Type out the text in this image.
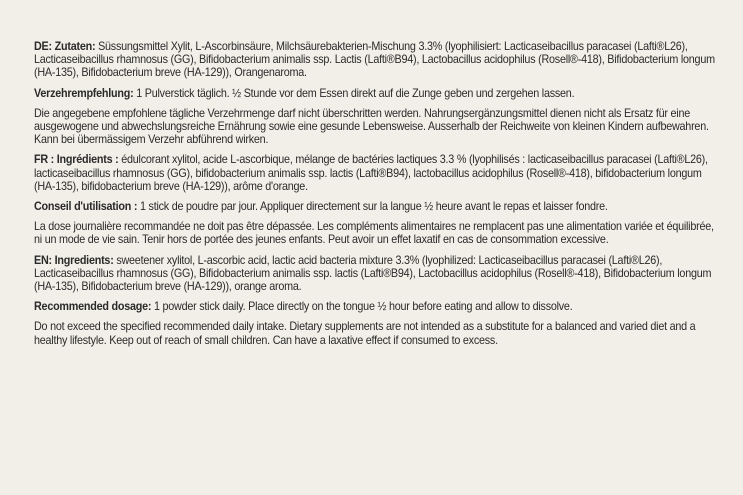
DE: Zutaten: Süssungsmittel Xylit, L-Ascorbinsäure, Milchsäurebakterien-Mischung 3.3% (lyophilisiert: Lacticaseibacillus paracasei (Lafti®L26), Lacticaseibacillus rhamnosus (GG), Bifidobacterium animalis ssp. Lactis (Lafti®B94), Lactobacillus acidophilus (Rosell®-418), Bifidobacterium longum (HA-135), Bifidobacterium breve (HA-129)), Orangenaroma.

Verzehrempfehlung: 1 Pulverstick täglich. ½ Stunde vor dem Essen direkt auf die Zunge geben und zergehen lassen.

Die angegebene empfohlene tägliche Verzehrmenge darf nicht überschritten werden. Nahrungsergänzungsmittel dienen nicht als Ersatz für eine ausgewogene und abwechslungsreiche Ernährung sowie eine gesunde Lebensweise. Ausserhalb der Reichweite von kleinen Kindern aufbewahren. Kann bei übermässigem Verzehr abführend wirken.

FR : Ingrédients : édulcorant xylitol, acide L-ascorbique, mélange de bactéries lactiques 3.3 % (lyophilisés : lacticaseibacillus paracasei (Lafti®L26), lacticaseibacillus rhamnosus (GG), bifidobacterium animalis ssp. lactis (Lafti®B94), lactobacillus acidophilus (Rosell®-418), bifidobacterium longum (HA-135), bifidobacterium breve (HA-129)), arôme d'orange.

Conseil d'utilisation : 1 stick de poudre par jour. Appliquer directement sur la langue ½ heure avant le repas et laisser fondre.

La dose journalière recommandée ne doit pas être dépassée. Les compléments alimentaires ne remplacent pas une alimentation variée et équilibrée, ni un mode de vie sain. Tenir hors de portée des jeunes enfants. Peut avoir un effet laxatif en cas de consommation excessive.

EN: Ingredients: sweetener xylitol, L-ascorbic acid, lactic acid bacteria mixture 3.3% (lyophilized: Lacticaseibacillus paracasei (Lafti®L26), Lacticaseibacillus rhamnosus (GG), Bifidobacterium animalis ssp. lactis (Lafti®B94), Lactobacillus acidophilus (Rosell®-418), Bifidobacterium longum (HA-135), Bifidobacterium breve (HA-129)), orange aroma.

Recommended dosage: 1 powder stick daily. Place directly on the tongue ½ hour before eating and allow to dissolve.

Do not exceed the specified recommended daily intake. Dietary supplements are not intended as a substitute for a balanced and varied diet and a healthy lifestyle. Keep out of reach of small children. Can have a laxative effect if consumed to excess.
